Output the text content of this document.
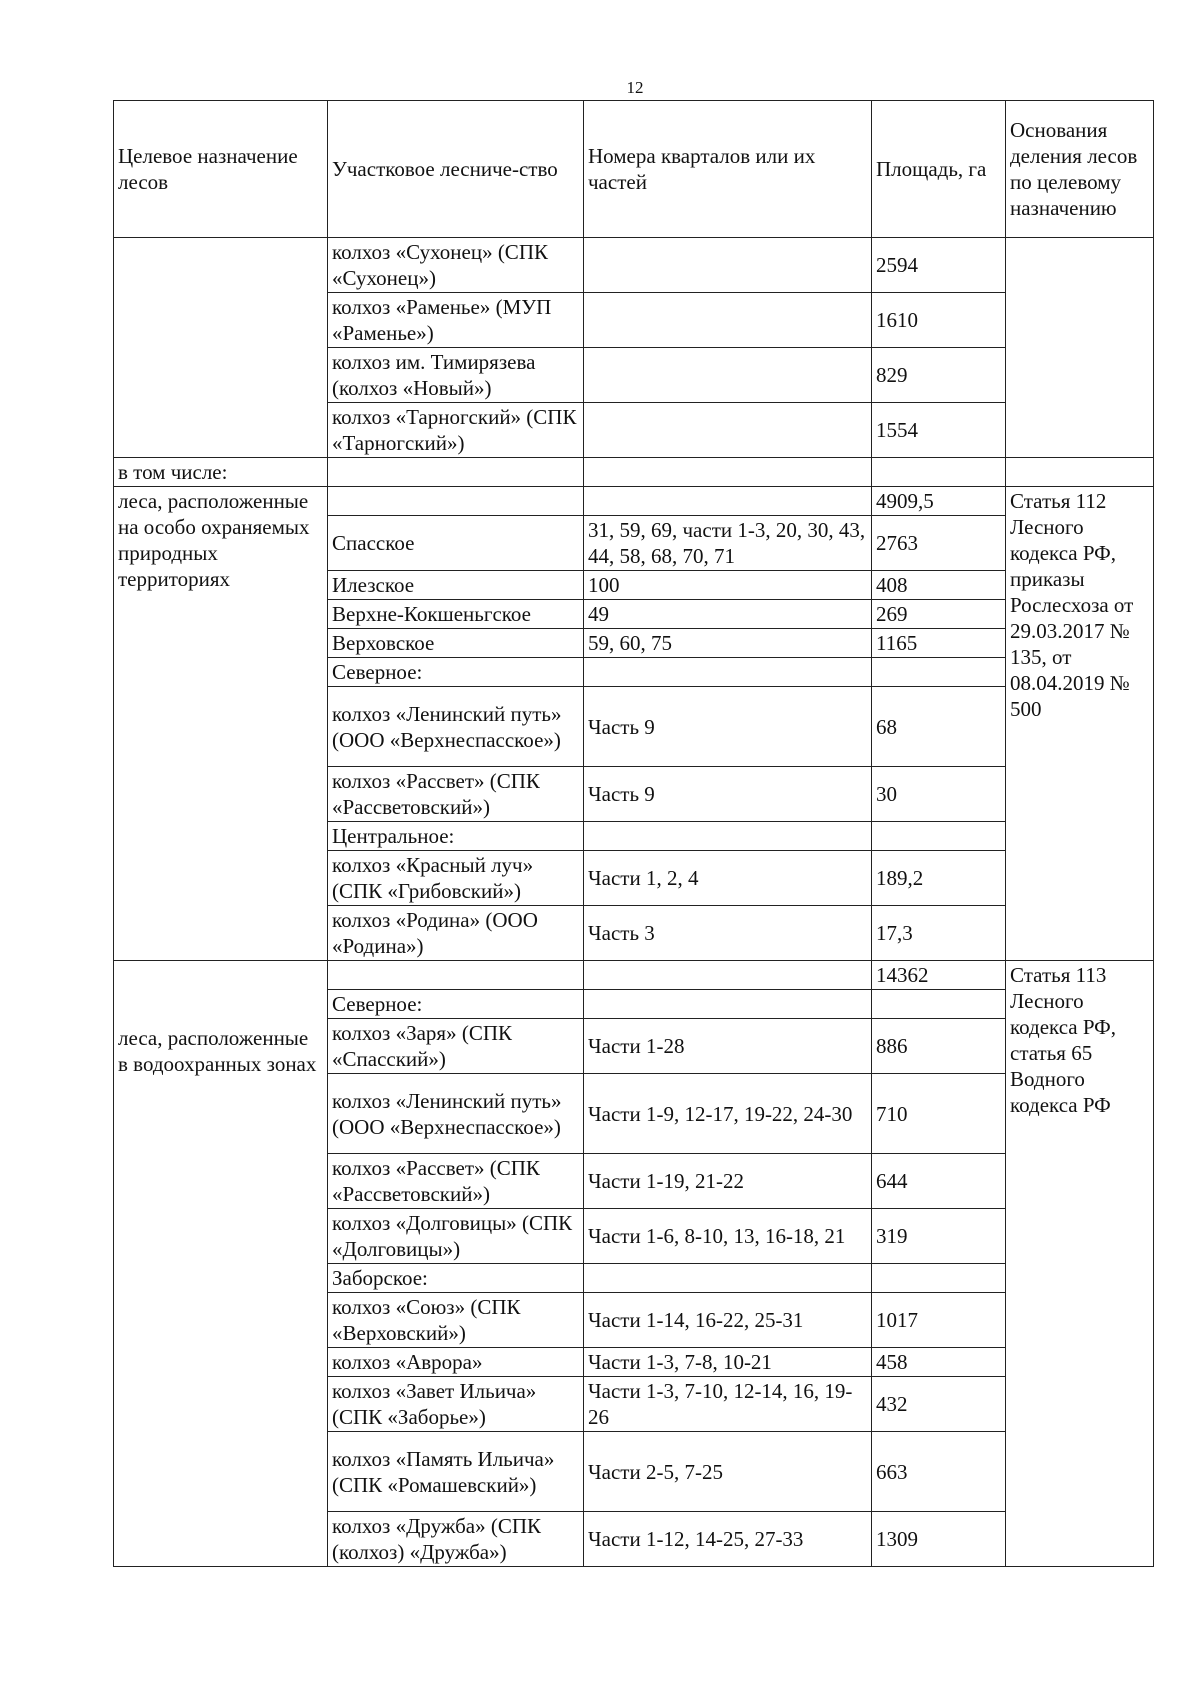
12
Целевое назначение лесов	Участковое лесниче-ство	Номера кварталов или их частей	Площадь, га	Основания деления лесов по целевому назначению
	колхоз «Сухонец» (СПК «Сухонец»)		2594	
	колхоз «Раменье» (МУП «Раменье»)		1610	
	колхоз им. Тимирязева (колхоз «Новый»)		829	
	колхоз «Тарногский» (СПК «Тарногский»)		1554	
в том числе:				
леса, расположенные на особо охраняемых природных территориях			4909,5	Статья 112 Лесного кодекса РФ, приказы Рослесхоза от 29.03.2017 № 135, от 08.04.2019 № 500
	Спасское	31, 59, 69, части 1-3, 20, 30, 43, 44, 58, 68, 70, 71	2763	
	Илезское	100	408	
	Верхне-Кокшеньгское	49	269	
	Верховское	59, 60, 75	1165	
	Северное:			
	колхоз «Ленинский путь» (ООО «Верхнеспасское»)	Часть 9	68	
	колхоз «Рассвет» (СПК «Рассветовский»)	Часть 9	30	
	Центральное:			
	колхоз «Красный луч» (СПК «Грибовский»)	Части 1, 2, 4	189,2	
	колхоз «Родина» (ООО «Родина»)	Часть 3	17,3	
леса, расположенные в водоохранных зонах			14362	Статья 113 Лесного кодекса РФ, статья 65 Водного кодекса РФ
	Северное:			
	колхоз «Заря» (СПК «Спасский»)	Части 1-28	886	
	колхоз «Ленинский путь» (ООО «Верхнеспасское»)	Части 1-9, 12-17, 19-22, 24-30	710	
	колхоз «Рассвет» (СПК «Рассветовский»)	Части 1-19, 21-22	644	
	колхоз «Долговицы» (СПК «Долговицы»)	Части 1-6, 8-10, 13, 16-18, 21	319	
	Заборское:			
	колхоз «Союз» (СПК «Верховский»)	Части 1-14, 16-22, 25-31	1017	
	колхоз «Аврора»	Части 1-3, 7-8, 10-21	458	
	колхоз «Завет Ильича» (СПК «Заборье»)	Части 1-3, 7-10, 12-14, 16, 19-26	432	
	колхоз «Память Ильича» (СПК «Ромашевский»)	Части 2-5, 7-25	663	
	колхоз «Дружба» (СПК (колхоз) «Дружба»)	Части 1-12, 14-25, 27-33	1309	
